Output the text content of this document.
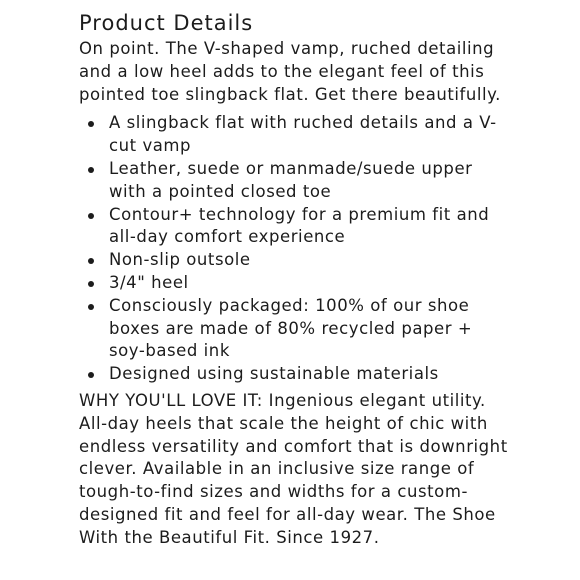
Product Details

On point. The V-shaped vamp, ruched detailing and a low heel adds to the elegant feel of this pointed toe slingback flat. Get there beautifully.

A slingback flat with ruched details and a V-cut vamp
Leather, suede or manmade/suede upper with a pointed closed toe
Contour+ technology for a premium fit and all-day comfort experience
Non-slip outsole
3/4" heel
Consciously packaged: 100% of our shoe boxes are made of 80% recycled paper + soy-based ink
Designed using sustainable materials

WHY YOU'LL LOVE IT: Ingenious elegant utility. All-day heels that scale the height of chic with endless versatility and comfort that is downright clever. Available in an inclusive size range of tough-to-find sizes and widths for a custom-designed fit and feel for all-day wear. The Shoe With the Beautiful Fit. Since 1927.
